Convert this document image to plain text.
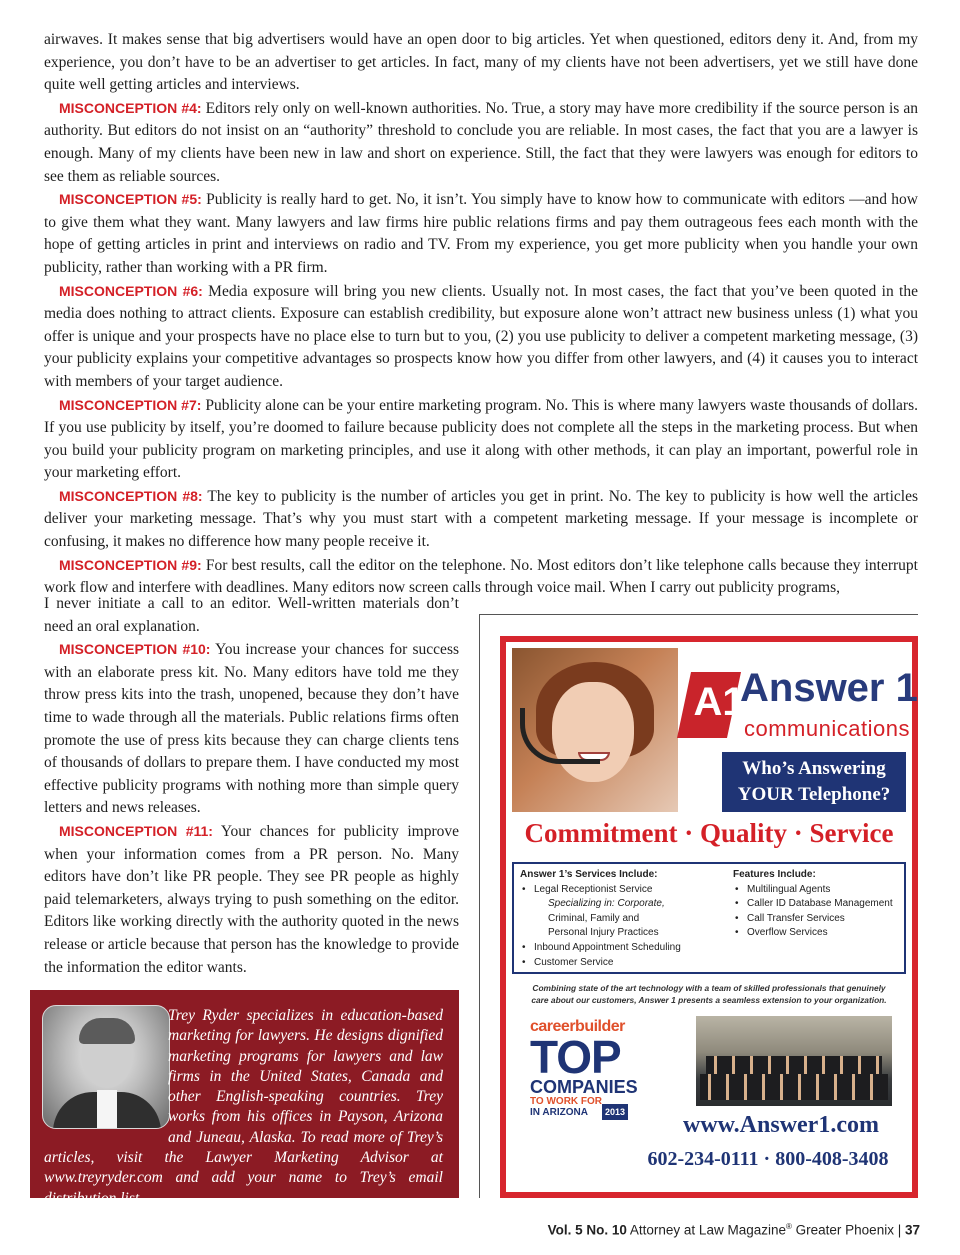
airwaves. It makes sense that big advertisers would have an open door to big articles. Yet when questioned, editors deny it. And, from my experience, you don’t have to be an advertiser to get articles. In fact, many of my clients have not been advertisers, yet we still have done quite well getting articles and interviews.

MISCONCEPTION #4: Editors rely only on well-known authorities. No. True, a story may have more credibility if the source person is an authority. But editors do not insist on an “authority” threshold to conclude you are reliable. In most cases, the fact that you are a lawyer is enough. Many of my clients have been new in law and short on experience. Still, the fact that they were lawyers was enough for editors to see them as reliable sources.

MISCONCEPTION #5: Publicity is really hard to get. No, it isn’t. You simply have to know how to communicate with editors —and how to give them what they want. Many lawyers and law firms hire public relations firms and pay them outrageous fees each month with the hope of getting articles in print and interviews on radio and TV. From my experience, you get more publicity when you handle your own publicity, rather than working with a PR firm.

MISCONCEPTION #6: Media exposure will bring you new clients. Usually not. In most cases, the fact that you’ve been quoted in the media does nothing to attract clients. Exposure can establish credibility, but exposure alone won’t attract new business unless (1) what you offer is unique and your prospects have no place else to turn but to you, (2) you use publicity to deliver a competent marketing message, (3) your publicity explains your competitive advantages so prospects know how you differ from other lawyers, and (4) it causes you to interact with members of your target audience.

MISCONCEPTION #7: Publicity alone can be your entire marketing program. No. This is where many lawyers waste thousands of dollars. If you use publicity by itself, you’re doomed to failure because publicity does not complete all the steps in the marketing process. But when you build your publicity program on marketing principles, and use it along with other methods, it can play an important, powerful role in your marketing effort.

MISCONCEPTION #8: The key to publicity is the number of articles you get in print. No. The key to publicity is how well the articles deliver your marketing message. That’s why you must start with a competent marketing message. If your message is incomplete or confusing, it makes no difference how many people receive it.

MISCONCEPTION #9: For best results, call the editor on the telephone. No. Most editors don’t like telephone calls because they interrupt work flow and interfere with deadlines. Many editors now screen calls through voice mail. When I carry out publicity programs,

I never initiate a call to an editor. Well-written materials don’t need an oral explanation.

MISCONCEPTION #10: You increase your chances for success with an elaborate press kit. No. Many editors have told me they throw press kits into the trash, unopened, because they don’t have time to wade through all the materials. Public relations firms often promote the use of press kits because they can charge clients tens of thousands of dollars to prepare them. I have conducted my most effective publicity programs with nothing more than simple query letters and news releases.

MISCONCEPTION #11: Your chances for publicity improve when your information comes from a PR person. No. Many editors have don’t like PR people. They see PR people as highly paid telemarketers, always trying to push something on the editor. Editors like working directly with the authority quoted in the news release or article because that person has the knowledge to provide the information the editor wants.

A1
Answer 1
communications
Who’s Answering
YOUR Telephone?
Commitment · Quality · Service
Answer 1’s Services Include:
• Legal Receptionist Service
Specializing in: Corporate,
Criminal, Family and
Personal Injury Practices
• Inbound Appointment Scheduling
• Customer Service
Features Include:
• Multilingual Agents
• Caller ID Database Management
• Call Transfer Services
• Overflow Services
Combining state of the art technology with a team of skilled professionals that genuinely care about our customers, Answer 1 presents a seamless extension to your organization.
careerbuilder
TOP
COMPANIES
TO WORK FOR
IN ARIZONA	2013	www.Answer1.com
602-234-0111 · 800-408-3408
Trey Ryder specializes in education-based marketing for lawyers. He designs dignified marketing programs for lawyers and law firms in the United States, Canada and other English-speaking countries. Trey works from his offices in Payson, Arizona and Juneau, Alaska. To read more of Trey’s articles, visit the Lawyer Marketing Advisor at www.treyryder.com and add your name to Trey’s email distribution list.
Vol. 5 No. 10 Attorney at Law Magazine® Greater Phoenix | 37
